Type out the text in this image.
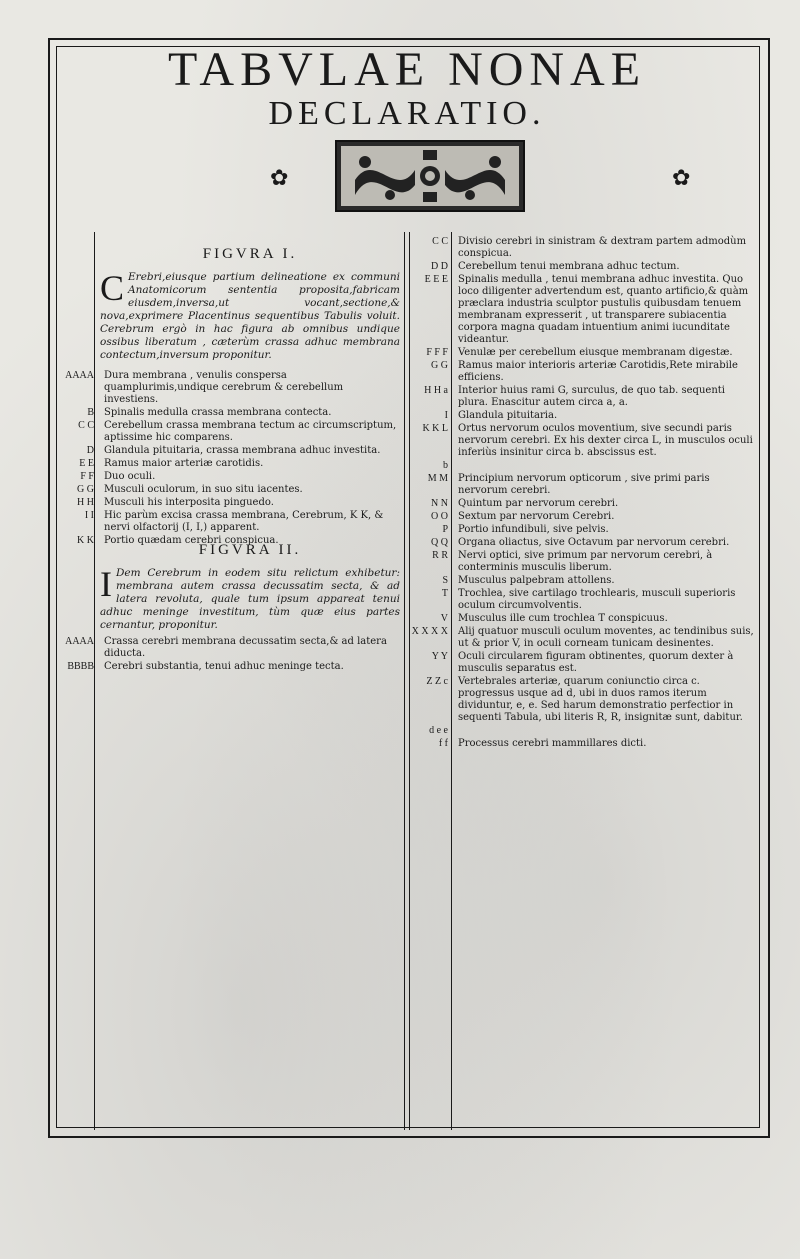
TABVLAE NONAE
DECLARATIO.
✿	✿
FIGVRA I.
C Erebri,eiusque partium delineatione ex communi Anatomicorum sententia proposita,fabricam eiusdem,inversa,ut vocant,sectione,& nova,exprimere Placentinus sequentibus Tabulis voluit. Cerebrum ergò in hac figura ab omnibus undique ossibus liberatum , cæterùm crassa adhuc membrana contectum,inversum proponitur.
AAAA Dura membrana , venulis conspersa quamplurimis,undique cerebrum & cerebellum investiens.
B Spinalis medulla crassa membrana contecta.
C C Cerebellum crassa membrana tectum ac circumscriptum, aptissime hic comparens.
D Glandula pituitaria, crassa membrana adhuc investita.
E E Ramus maior arteriæ carotidis.
F F Duo oculi.
G G Musculi oculorum, in suo situ iacentes.
H H Musculi his interposita pinguedo.
I I Hic parùm excisa crassa membrana, Cerebrum, K K, & nervi olfactorij (I, I,) apparent.
K K Portio quædam cerebri conspicua.
FIGVRA II.
I Dem Cerebrum in eodem situ relictum exhibetur: membrana autem crassa decussatim secta, & ad latera revoluta, quale tum ipsum appareat tenui adhuc meninge investitum, tùm quæ eius partes cernantur, proponitur.
AAAA Crassa cerebri membrana decussatim secta,& ad latera diducta.
BBBB Cerebri substantia, tenui adhuc meninge tecta.
C C Divisio cerebri in sinistram & dextram partem admodùm conspicua.
D D Cerebellum tenui membrana adhuc tectum.
E E E Spinalis medulla , tenui membrana adhuc investita. Quo loco diligenter advertendum est, quanto artificio,& quàm præclara industria sculptor pustulis quibusdam tenuem membranam expresserit , ut transparere subiacentia corpora magna quadam intuentium animi iucunditate videantur.
F F F Venulæ per cerebellum eiusque membranam digestæ.
G G Ramus maior interioris arteriæ Carotidis,Rete mirabile efficiens.
H H a Interior huius rami G, surculus, de quo tab. sequenti plura. Enascitur autem circa a, a.
I Glandula pituitaria.
K K L Ortus nervorum oculos moventium, sive secundi paris nervorum cerebri. Ex his dexter circa L, in musculos oculi inferiùs insinitur circa b. abscissus est.
b
M M Principium nervorum opticorum , sive primi paris nervorum cerebri.
N N Quintum par nervorum cerebri.
O O Sextum par nervorum Cerebri.
P Portio infundibuli, sive pelvis.
Q Q Organa oliactus, sive Octavum par nervorum cerebri.
R R Nervi optici, sive primum par nervorum cerebri, à conterminis musculis liberum.
S Musculus palpebram attollens.
T Trochlea, sive cartilago trochlearis, musculi superioris oculum circumvolventis.
V Musculus ille cum trochlea T conspicuus.
X X X X Alij quatuor musculi oculum moventes, ac tendinibus suis, ut & prior V, in oculi corneam tunicam desinentes.
Y Y Oculi circularem figuram obtinentes, quorum dexter à musculis separatus est.
Z Z c Vertebrales arteriæ, quarum coniunctio circa c. progressus usque ad d, ubi in duos ramos iterum dividuntur, e, e. Sed harum demonstratio perfectior in sequenti Tabula, ubi literis R, R, insignitæ sunt, dabitur.
d e e
f f Processus cerebri mammillares dicti.
